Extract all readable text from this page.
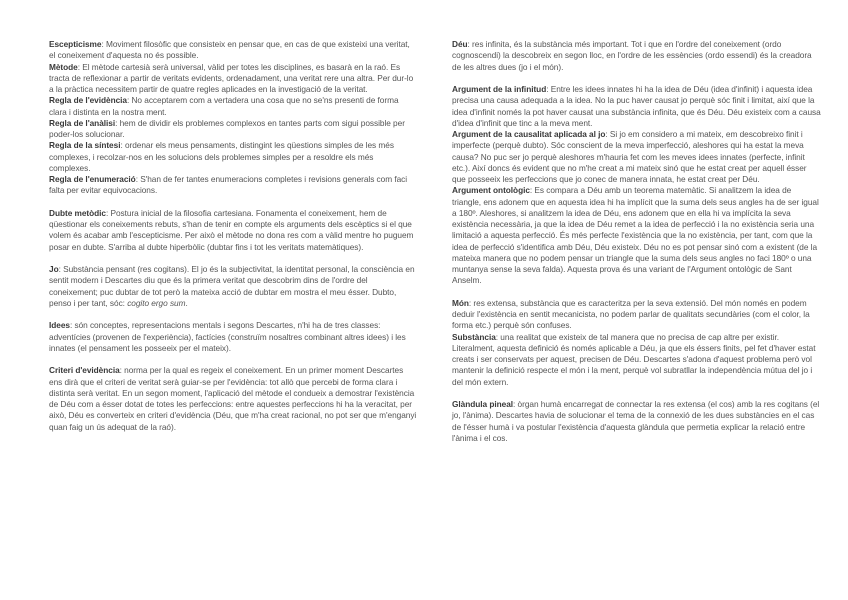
Escepticisme: Moviment filosòfic que consisteix en pensar que, en cas de que existeixi una veritat, el coneixement d'aquesta no és possible.

Mètode: El mètode cartesià serà universal, vàlid per totes les disciplines, es basarà en la raó. Es tracta de reflexionar a partir de veritats evidents, ordenadament, una veritat rere una altra. Per dur-lo a la pràctica necessitem partir de quatre regles aplicades en la investigació de la veritat.

Regla de l'evidència: No acceptarem com a vertadera una cosa que no se'ns presenti de forma clara i distinta en la nostra ment.

Regla de l'anàlisi: hem de dividir els problemes complexos en tantes parts com sigui possible per poder-los solucionar.

Regla de la síntesi: ordenar els meus pensaments, distingint les qüestions simples de les més complexes, i recolzar-nos en les solucions dels problemes simples per a resoldre els més complexes.

Regla de l'enumeració: S'han de fer tantes enumeracions completes i revisions generals com faci falta per evitar equivocacions.

Dubte metòdic: Postura inicial de la filosofia cartesiana. Fonamenta el coneixement, hem de qüestionar els coneixements rebuts, s'han de tenir en compte els arguments dels escèptics si el que volem és acabar amb l'escepticisme. Per això el mètode no dona res com a vàlid mentre ho puguem posar en dubte. S'arriba al dubte hiperbòlic (dubtar fins i tot les veritats matemàtiques).

Jo: Substància pensant (res cogitans). El jo és la subjectivitat, la identitat personal, la consciència en sentit modern i Descartes diu que és la primera veritat que descobrim dins de l'ordre del coneixement; puc dubtar de tot però la mateixa acció de dubtar em mostra el meu ésser. Dubto, penso i per tant, sóc: cogito ergo sum.

Idees: són conceptes, representacions mentals i segons Descartes, n'hi ha de tres classes: adventícies (provenen de l'experiència), factícies (construïm nosaltres combinant altres idees) i les innates (el pensament les posseeix per el mateix).

Criteri d'evidència: norma per la qual es regeix el coneixement. En un primer moment Descartes ens dirà que el criteri de veritat serà guiar-se per l'evidència: tot allò que percebi de forma clara i distinta serà veritat. En un segon moment, l'aplicació del mètode el condueix a demostrar l'existència de Déu com a ésser dotat de totes les perfeccions: entre aquestes perfeccions hi ha la veracitat, per això, Déu es converteix en criteri d'evidència (Déu, que m'ha creat racional, no pot ser que m'enganyi quan faig un ús adequat de la raó).

Déu: res infinita, és la substància més important. Tot i que en l'ordre del coneixement (ordo cognoscendi) la descobreix en segon lloc, en l'ordre de les essències (ordo essendi) és la creadora de les altres dues (jo i el món).

Argument de la infinitud: Entre les idees innates hi ha la idea de Déu (idea d'infinit) i aquesta idea precisa una causa adequada a la idea. No la puc haver causat jo perquè sóc finit i limitat, així que la idea d'infinit només la pot haver causat una substància infinita, que és Déu. Déu existeix com a causa d'idea d'infinit que tinc a la meva ment.

Argument de la causalitat aplicada al jo: Si jo em considero a mi mateix, em descobreixo finit i imperfecte (perquè dubto). Sóc conscient de la meva imperfecció, aleshores qui ha estat la meva causa? No puc ser jo perquè aleshores m'hauria fet com les meves idees innates (perfecte, infinit etc.). Així doncs és evident que no m'he creat a mi mateix sinó que he estat creat per aquell ésser que posseeix les perfeccions que jo conec de manera innata, he estat creat per Déu.

Argument ontològic: Es compara a Déu amb un teorema matemàtic. Si analitzem la idea de triangle, ens adonem que en aquesta idea hi ha implícit que la suma dels seus angles ha de ser igual a 180º. Aleshores, si analitzem la idea de Déu, ens adonem que en ella hi va implícita la seva existència necessària, ja que la idea de Déu remet a la idea de perfecció i la no existència seria una limitació a aquesta perfecció. És més perfecte l'existència que la no existència, per tant, com que la idea de perfecció s'identifica amb Déu, Déu existeix. Déu no es pot pensar sinó com a existent (de la mateixa manera que no podem pensar un triangle que la suma dels seus angles no faci 180º o una muntanya sense la seva falda). Aquesta prova és una variant de l'Argument ontològic de Sant Anselm.

Món: res extensa, substància que es caracteritza per la seva extensió. Del món només en podem deduir l'existència en sentit mecanicista, no podem parlar de qualitats secundàries (com el color, la forma etc.) perquè són confuses.

Substància: una realitat que existeix de tal manera que no precisa de cap altre per existir. Literalment, aquesta definició és només aplicable a Déu, ja que els éssers finits, pel fet d'haver estat creats i ser conservats per aquest, precisen de Déu. Descartes s'adona d'aquest problema però vol mantenir la definició respecte el món i la ment, perquè vol subratllar la independència mútua del jo i del món extern.

Glàndula pineal: òrgan humà encarregat de connectar la res extensa (el cos) amb la res cogitans (el jo, l'ànima). Descartes havia de solucionar el tema de la connexió de les dues substàncies en el cas de l'ésser humà i va postular l'existència d'aquesta glàndula que permetia explicar la relació entre l'ànima i el cos.
